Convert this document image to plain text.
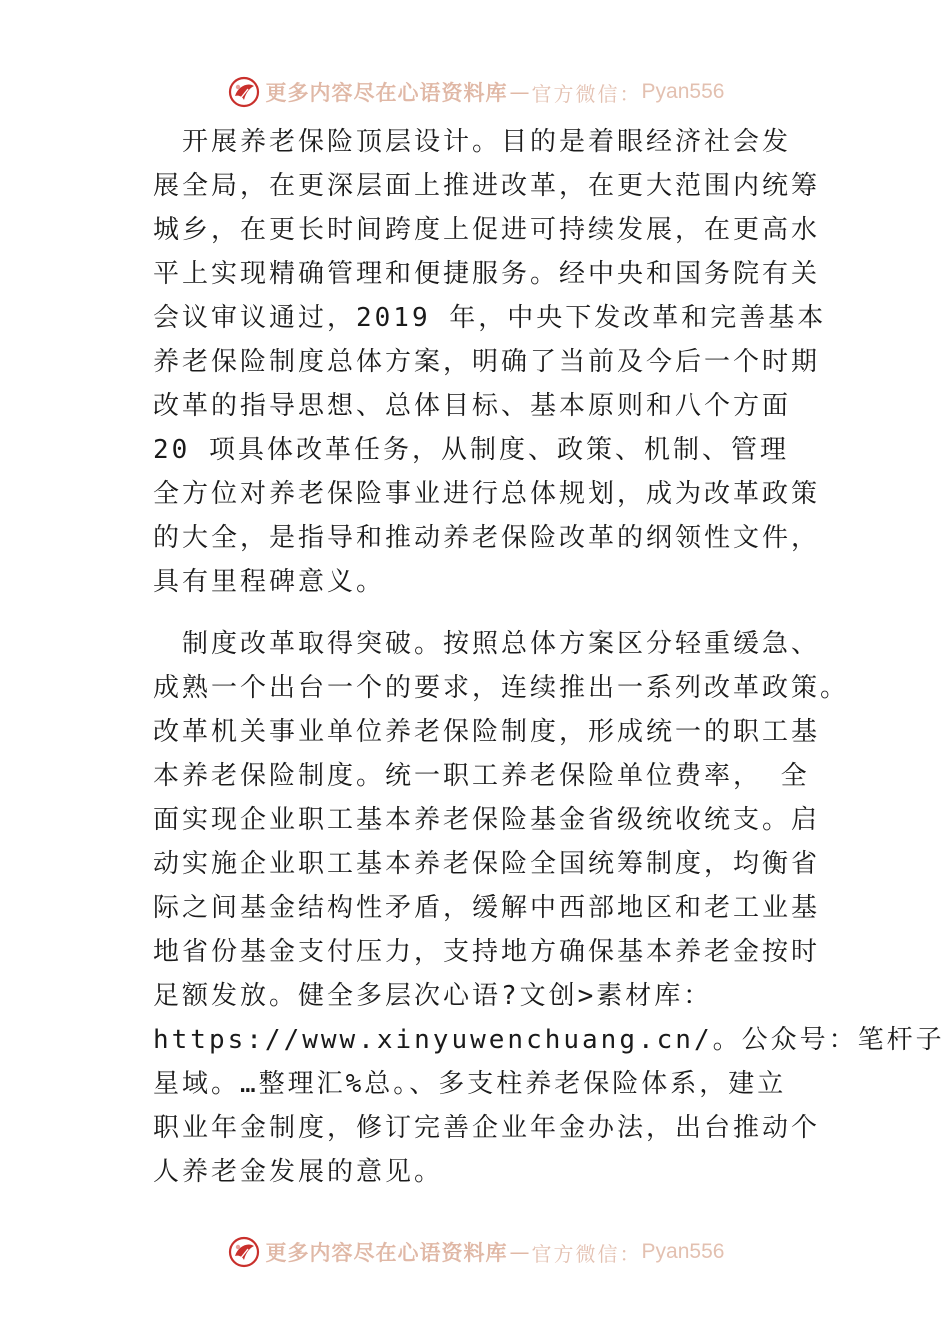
更多内容尽在心语资料库 — 官方微信： Pyan556

　开展养老保险顶层设计。目的是着眼经济社会发
展全局，在更深层面上推进改革，在更大范围内统筹
城乡，在更长时间跨度上促进可持续发展，在更高水
平上实现精确管理和便捷服务。经中央和国务院有关
会议审议通过，2019 年，中央下发改革和完善基本
养老保险制度总体方案，明确了当前及今后一个时期
改革的指导思想、总体目标、基本原则和八个方面
20 项具体改革任务，从制度、政策、机制、管理
全方位对养老保险事业进行总体规划，成为改革政策
的大全，是指导和推动养老保险改革的纲领性文件，
具有里程碑意义。

　制度改革取得突破。按照总体方案区分轻重缓急、
成熟一个出台一个的要求，连续推出一系列改革政策。
改革机关事业单位养老保险制度，形成统一的职工基
本养老保险制度。统一职工养老保险单位费率， 全
面实现企业职工基本养老保险基金省级统收统支。启
动实施企业职工基本养老保险全国统筹制度，均衡省
际之间基金结构性矛盾，缓解中西部地区和老工业基
地省份基金支付压力，支持地方确保基本养老金按时
足额发放。健全多层次心语?文创>素材库：
https://www.xinyuwenchuang.cn/。公众号：笔杆子
星域。…整理汇%总。、多支柱养老保险体系，建立
职业年金制度，修订完善企业年金办法，出台推动个
人养老金发展的意见。

更多内容尽在心语资料库 — 官方微信： Pyan556
